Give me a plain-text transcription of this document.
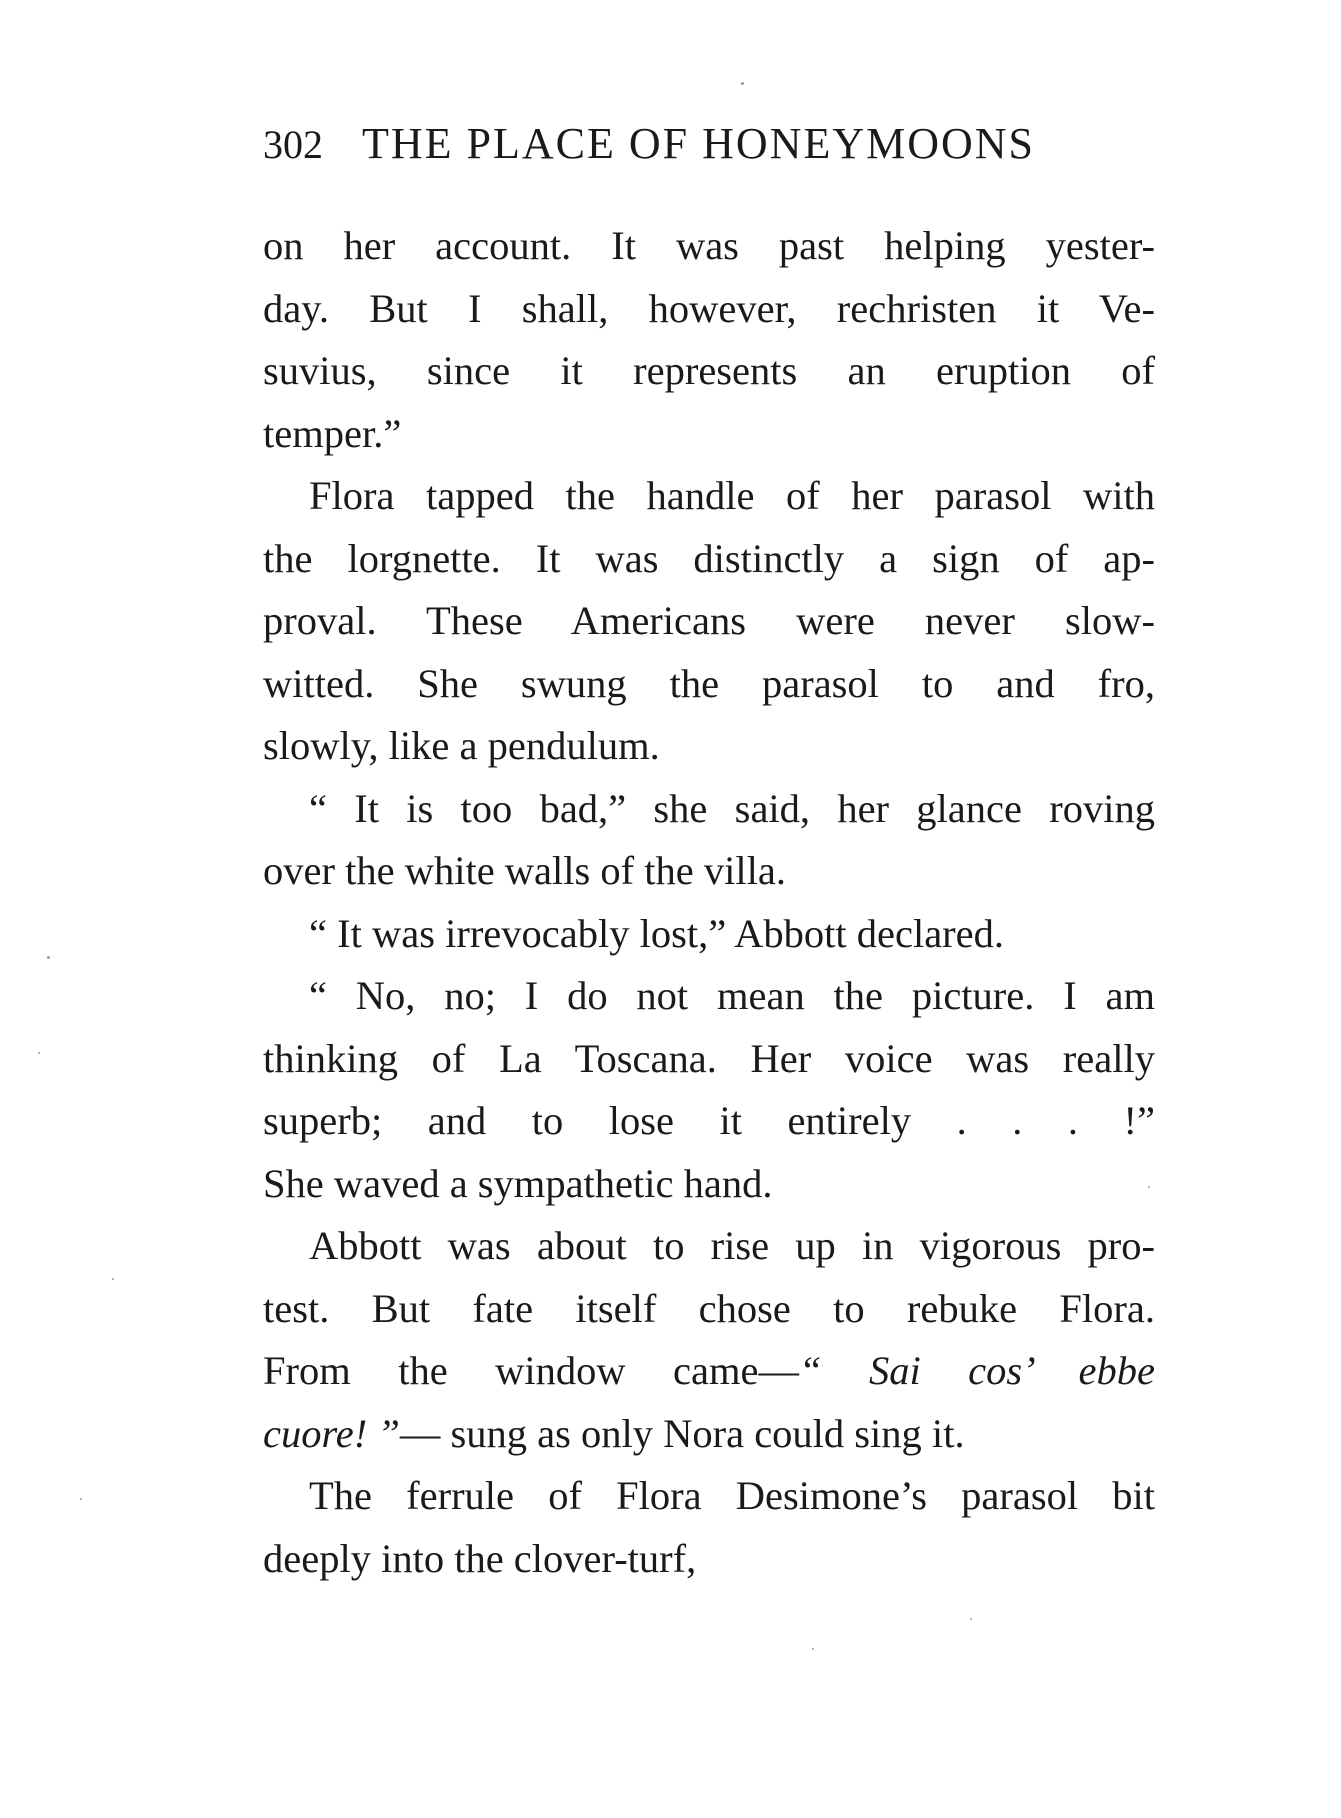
302 THE PLACE OF HONEYMOONS
on her account. It was past helping yester-
day. But I shall, however, rechristen it Ve-
suvius, since it represents an eruption of
temper.”
Flora tapped the handle of her parasol with
the lorgnette. It was distinctly a sign of ap-
proval. These Americans were never slow-
witted. She swung the parasol to and fro,
slowly, like a pendulum.
“ It is too bad,” she said, her glance roving
over the white walls of the villa.
“ It was irrevocably lost,” Abbott declared.
“ No, no; I do not mean the picture. I am
thinking of La Toscana. Her voice was really
superb; and to lose it entirely . . . !”
She waved a sympathetic hand.
Abbott was about to rise up in vigorous pro-
test. But fate itself chose to rebuke Flora.
From the window came—“ Sai cos’ ebbe
cuore! ”— sung as only Nora could sing it.
The ferrule of Flora Desimone’s parasol bit
deeply into the clover-turf,
